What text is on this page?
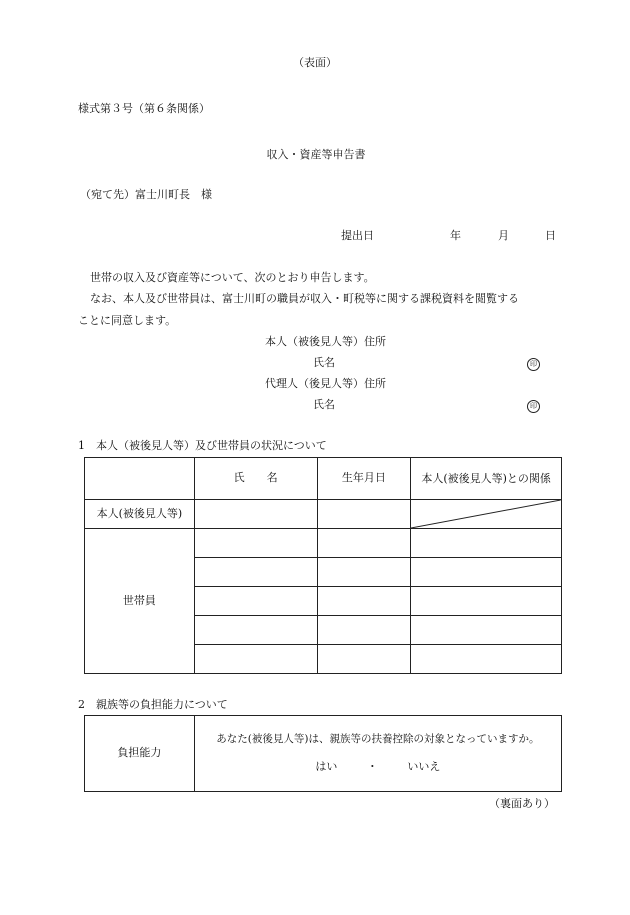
（表面）
様式第３号（第６条関係）
収入・資産等申告書
（宛て先）富士川町長　様
提出日	年	月	日
世帯の収入及び資産等について、次のとおり申告します。
なお、本人及び世帯員は、富士川町の職員が収入・町税等に関する課税資料を閲覧する
ことに同意します。
本人（被後見人等）住所
氏名	印
代理人（後見人等）住所
氏名	印
1　本人（被後見人等）及び世帯員の状況について
	氏　　名	生年月日	本人(被後見人等)との関係
本人(被後見人等)			

世帯員			

2　親族等の負担能力について
負担能力	
あなた(被後見人等)は、親族等の扶養控除の対象となっていますか。
はい	・	いいえ
（裏面あり）
